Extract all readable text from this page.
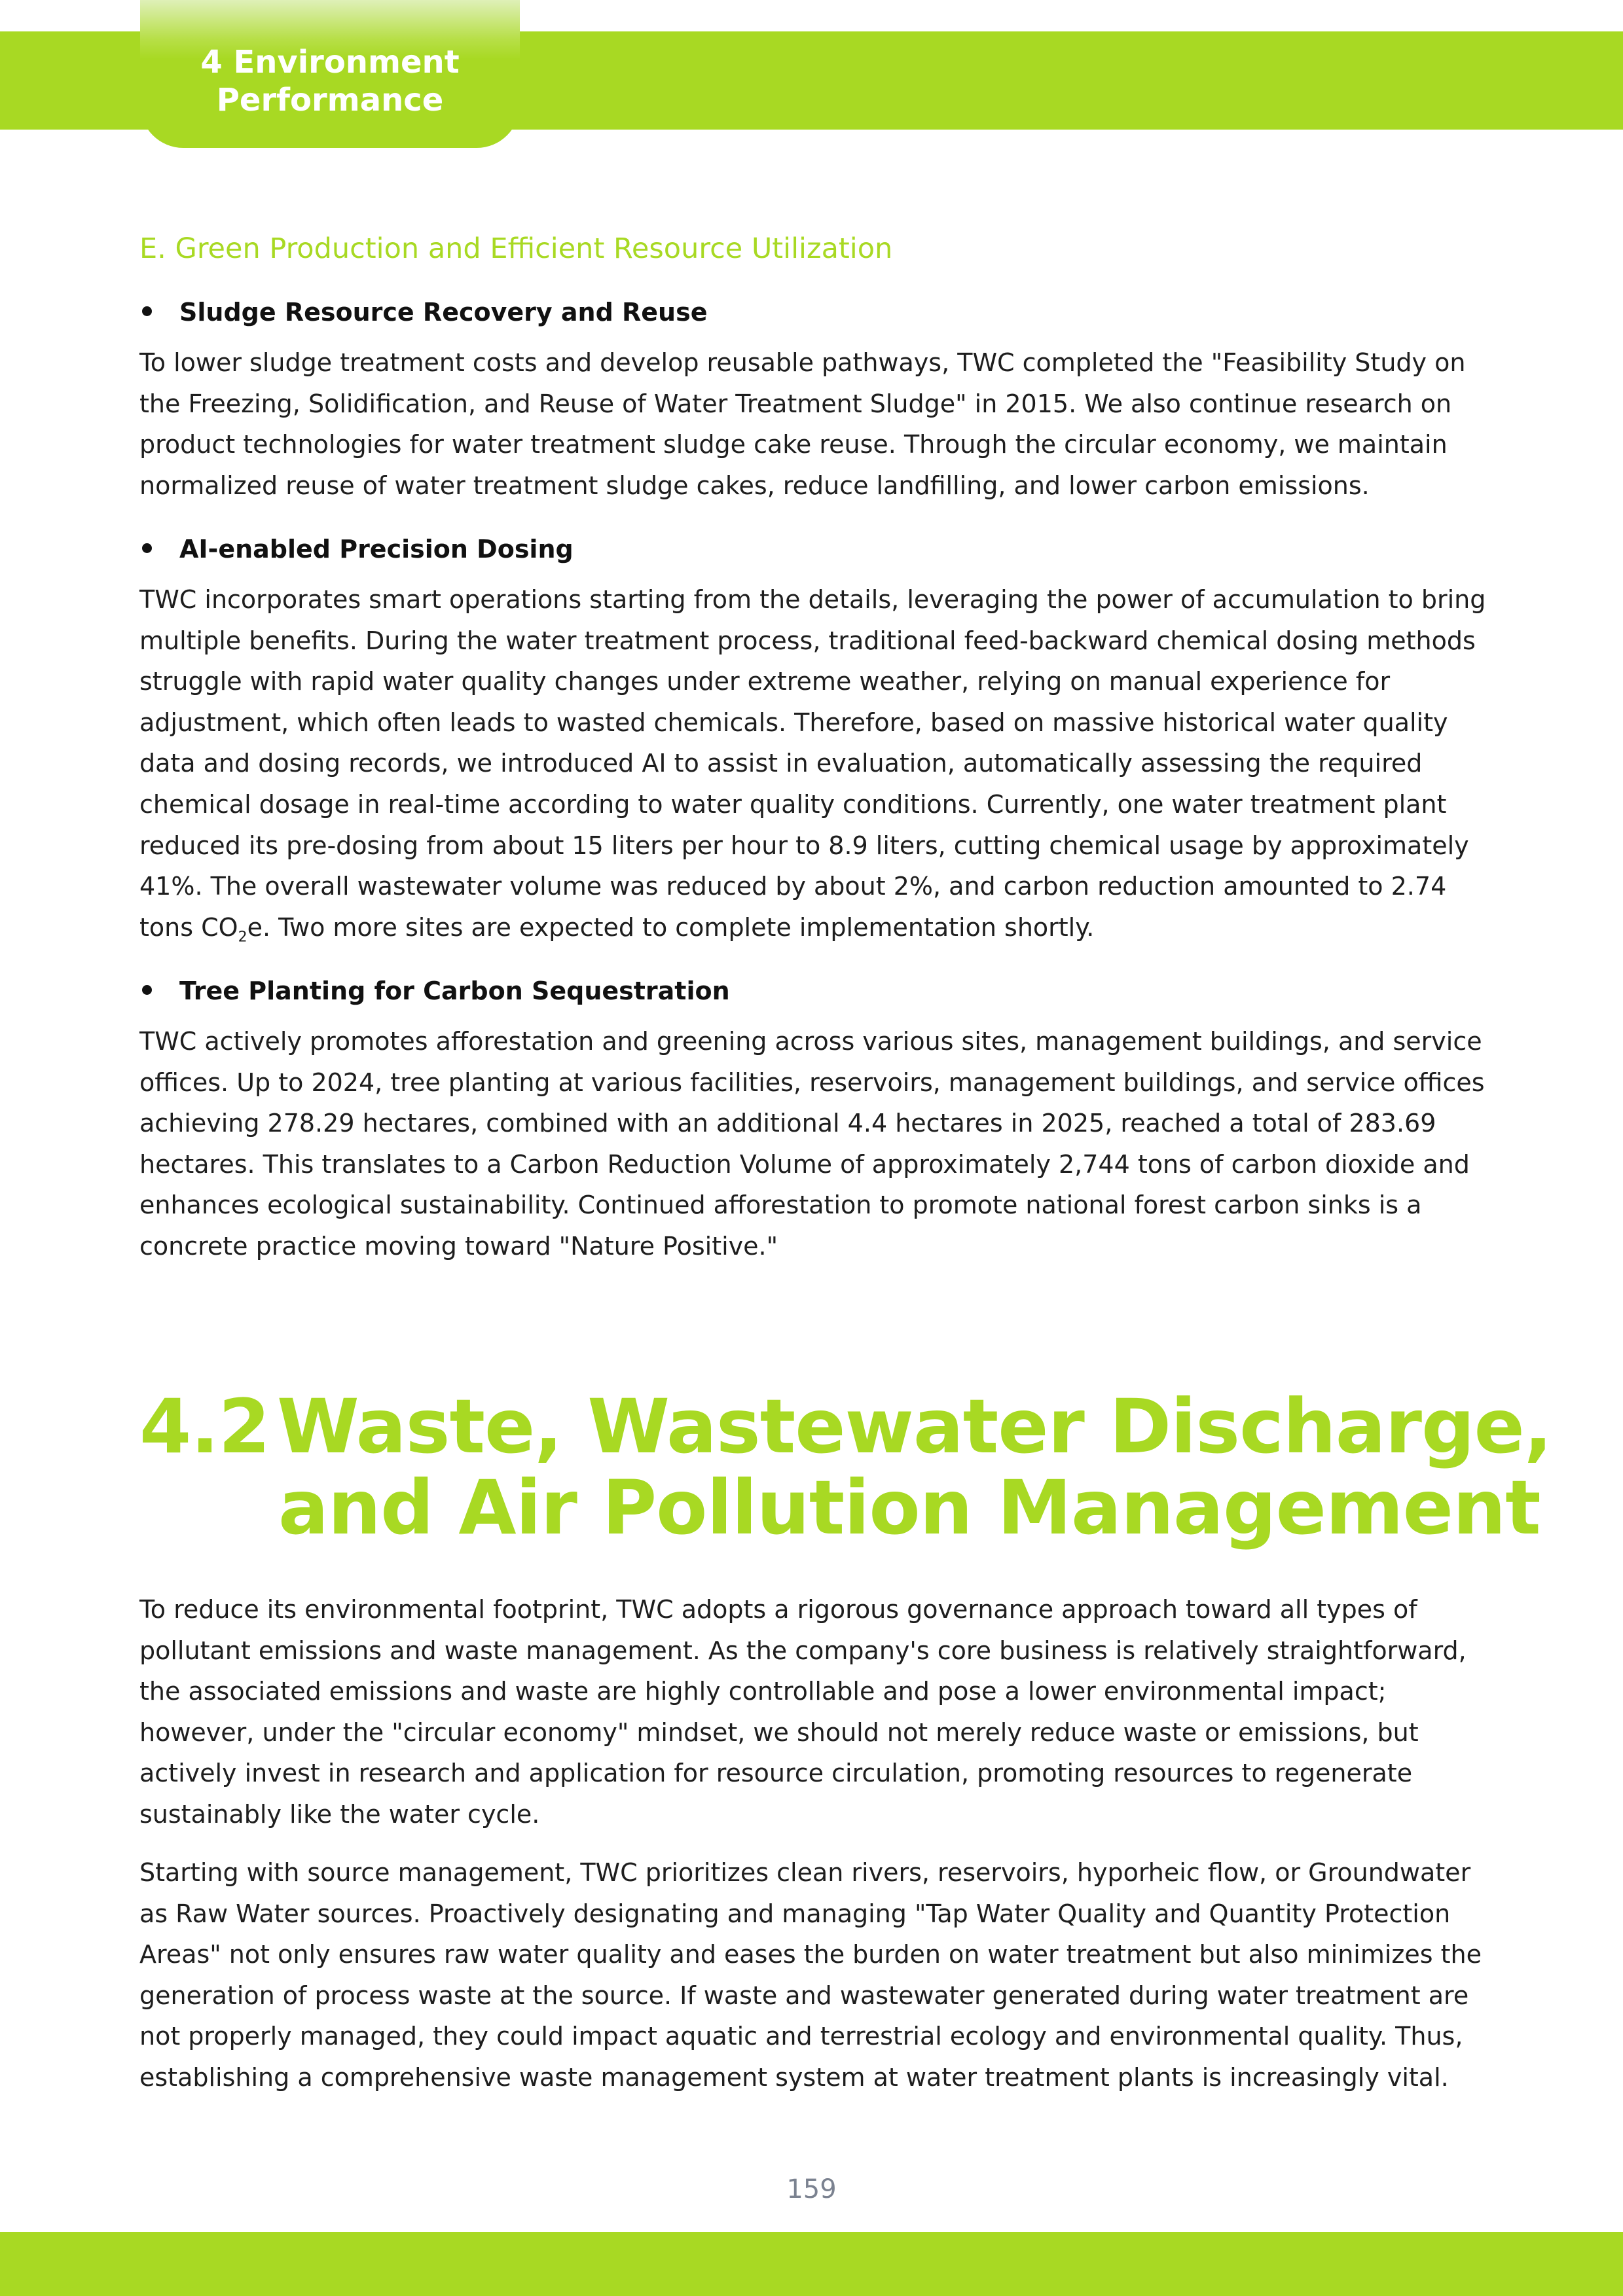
4 Environment
Performance
E. Green Production and Efficient Resource Utilization
Sludge Resource Recovery and Reuse

To lower sludge treatment costs and develop reusable pathways, TWC completed the "Feasibility Study on the Freezing, Solidification, and Reuse of Water Treatment Sludge" in 2015. We also continue research on product technologies for water treatment sludge cake reuse. Through the circular economy, we maintain normalized reuse of water treatment sludge cakes, reduce landfilling, and lower carbon emissions.

AI-enabled Precision Dosing

TWC incorporates smart operations starting from the details, leveraging the power of accumulation to bring multiple benefits. During the water treatment process, traditional feed-backward chemical dosing methods struggle with rapid water quality changes under extreme weather, relying on manual experience for adjustment, which often leads to wasted chemicals. Therefore, based on massive historical water quality data and dosing records, we introduced AI to assist in evaluation, automatically assessing the required chemical dosage in real-time according to water quality conditions. Currently, one water treatment plant reduced its pre-dosing from about 15 liters per hour to 8.9 liters, cutting chemical usage by approximately 41%. The overall wastewater volume was reduced by about 2%, and carbon reduction amounted to 2.74 tons $CO_2e$. Two more sites are expected to complete implementation shortly.

Tree Planting for Carbon Sequestration

TWC actively promotes afforestation and greening across various sites, management buildings, and service offices. Up to 2024, tree planting at various facilities, reservoirs, management buildings, and service offices achieving 278.29 hectares, combined with an additional 4.4 hectares in 2025, reached a total of 283.69 hectares. This translates to a Carbon Reduction Volume of approximately 2,744 tons of carbon dioxide and enhances ecological sustainability. Continued afforestation to promote national forest carbon sinks is a concrete practice moving toward "Nature Positive."

4.2Waste, Wastewater Discharge,
and Air Pollution Management

To reduce its environmental footprint, TWC adopts a rigorous governance approach toward all types of pollutant emissions and waste management. As the company's core business is relatively straightforward, the associated emissions and waste are highly controllable and pose a lower environmental impact; however, under the "circular economy" mindset, we should not merely reduce waste or emissions, but actively invest in research and application for resource circulation, promoting resources to regenerate sustainably like the water cycle.

Starting with source management, TWC prioritizes clean rivers, reservoirs, hyporheic flow, or Groundwater as Raw Water sources. Proactively designating and managing "Tap Water Quality and Quantity Protection Areas" not only ensures raw water quality and eases the burden on water treatment but also minimizes the generation of process waste at the source. If waste and wastewater generated during water treatment are not properly managed, they could impact aquatic and terrestrial ecology and environmental quality. Thus, establishing a comprehensive waste management system at water treatment plants is increasingly vital.

159
